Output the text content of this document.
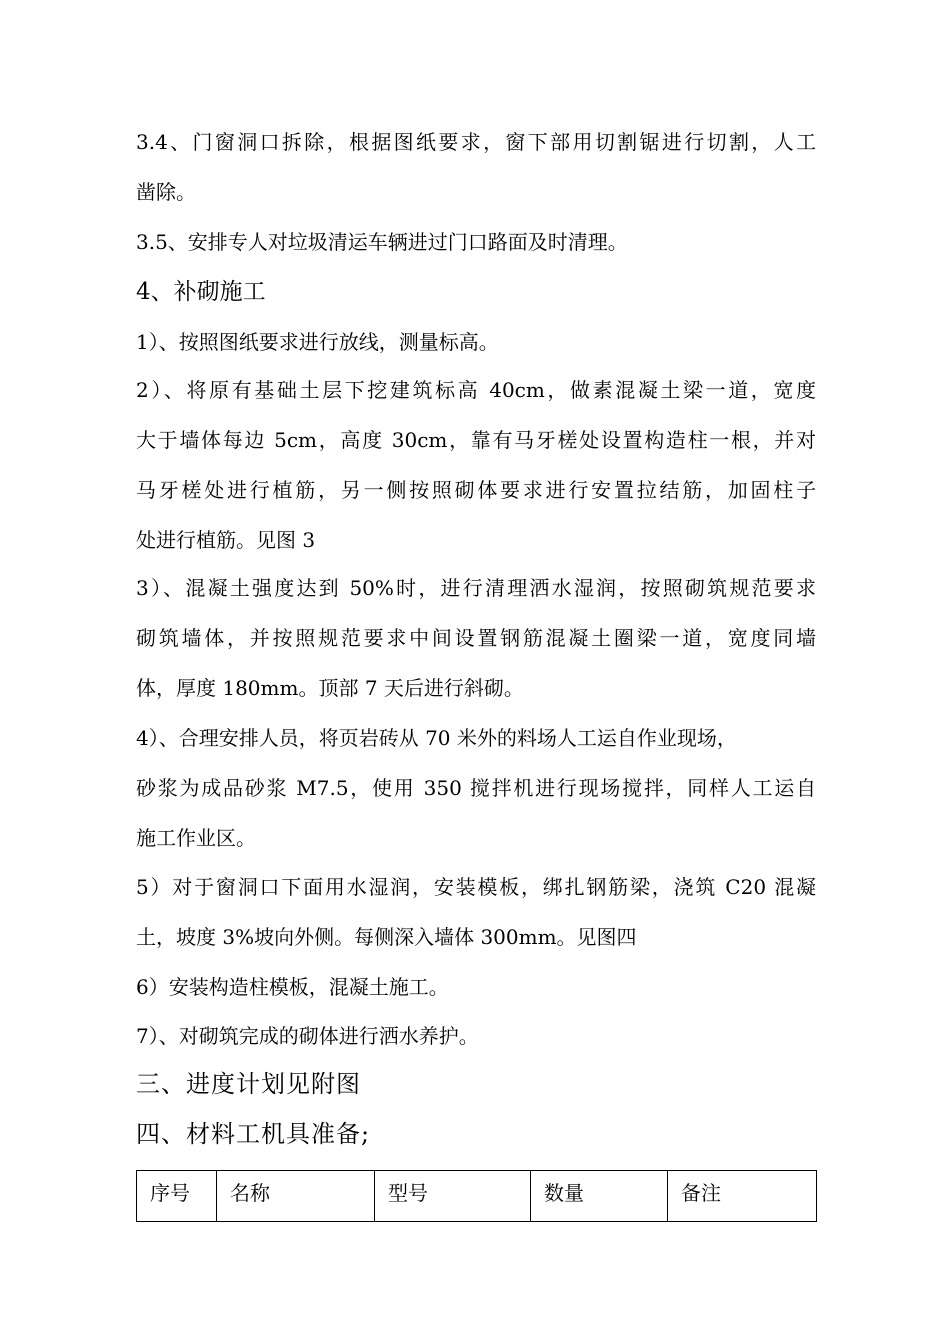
3.4、门窗洞口拆除，根据图纸要求，窗下部用切割锯进行切割，人工
凿除。
3.5、安排专人对垃圾清运车辆进过门口路面及时清理。
4、补砌施工
1）、按照图纸要求进行放线，测量标高。
2）、将原有基础土层下挖建筑标高 40cm，做素混凝土梁一道，宽度
大于墙体每边 5cm，高度 30cm，靠有马牙槎处设置构造柱一根，并对
马牙槎处进行植筋，另一侧按照砌体要求进行安置拉结筋，加固柱子
处进行植筋。见图 3
3）、混凝土强度达到 50%时，进行清理洒水湿润，按照砌筑规范要求
砌筑墙体，并按照规范要求中间设置钢筋混凝土圈梁一道，宽度同墙
体，厚度 180mm。顶部 7 天后进行斜砌。
4）、合理安排人员，将页岩砖从 70 米外的料场人工运自作业现场，
砂浆为成品砂浆 M7.5，使用 350 搅拌机进行现场搅拌，同样人工运自
施工作业区。
5）对于窗洞口下面用水湿润，安装模板，绑扎钢筋梁，浇筑 C20 混凝
土，坡度 3%坡向外侧。每侧深入墙体 300mm。见图四
6）安装构造柱模板，混凝土施工。
7）、对砌筑完成的砌体进行洒水养护。
三、进度计划见附图
四、材料工机具准备;
序号	名称	型号	数量	备注
